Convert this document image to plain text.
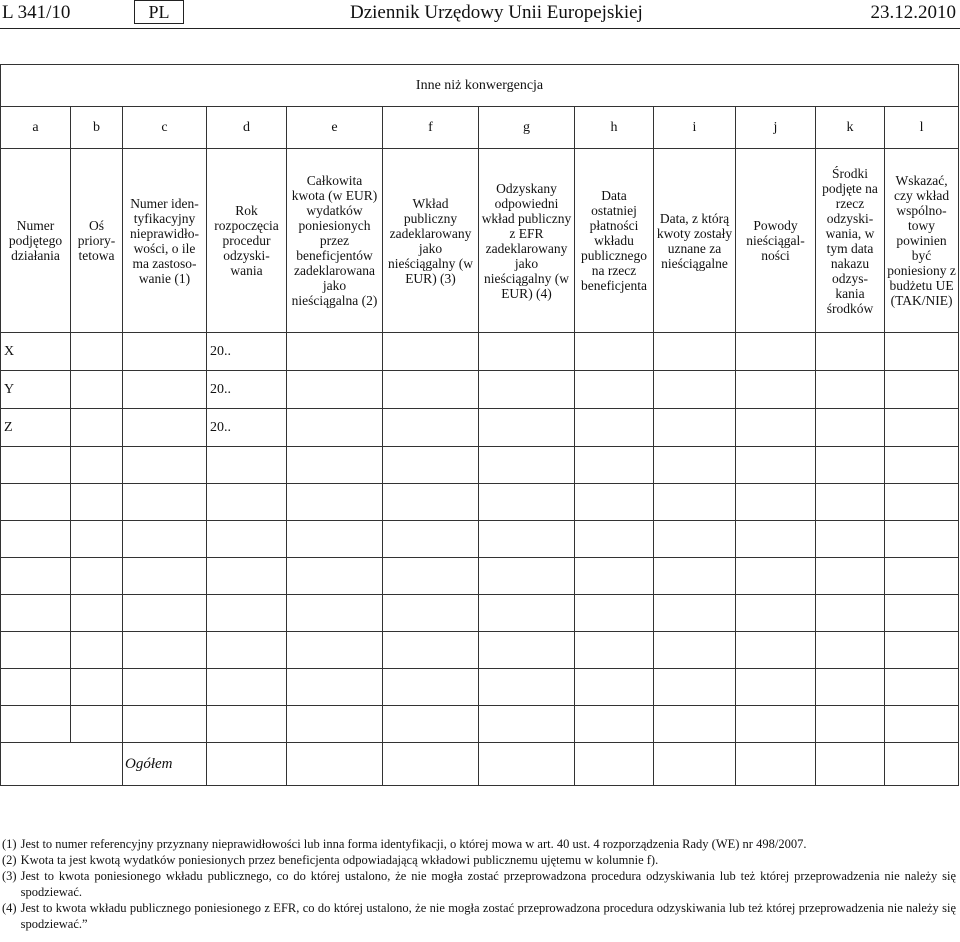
L 341/10	PL	Dziennik Urzędowy Unii Europejskiej	23.12.2010
Inne niż konwergencja											
a	b	c	d	e	f	g	h	i	j	k	l
Numer podjętego działania	Oś priory-tetowa	Numer iden-tyfikacyjny nieprawidło-wości, o ile ma zastoso-wanie (1)	Rok rozpoczęcia procedur odzyski-wania	Całkowita kwota (w EUR) wydatków poniesionych przez beneficjentów zadeklarowana jako nieściągalna (2)	Wkład publiczny zadeklarowany jako nieściągalny (w EUR) (3)	Odzyskany odpowiedni wkład publiczny z EFR zadeklarowany jako nieściągalny (w EUR) (4)	Data ostatniej płatności wkładu publicznego na rzecz beneficjenta	Data, z którą kwoty zostały uznane za nieściągalne	Powody nieściągal-ności	Środki podjęte na rzecz odzyski-wania, w tym data nakazu odzys-kania środków	Wskazać, czy wkład wspólno-towy powinien być poniesiony z budżetu UE (TAK/NIE)
X			20..								
Y			20..								
Z			20..								

		Ogółem									
(1) Jest to numer referencyjny przyznany nieprawidłowości lub inna forma identyfikacji, o której mowa w art. 40 ust. 4 rozporządzenia Rady (WE) nr 498/2007.
(2) Kwota ta jest kwotą wydatków poniesionych przez beneficjenta odpowiadającą wkładowi publicznemu ujętemu w kolumnie f).
(3) Jest to kwota poniesionego wkładu publicznego, co do której ustalono, że nie mogła zostać przeprowadzona procedura odzyskiwania lub też której przeprowadzenia nie należy się spodziewać.
(4) Jest to kwota wkładu publicznego poniesionego z EFR, co do której ustalono, że nie mogła zostać przeprowadzona procedura odzyskiwania lub też której przeprowadzenia nie należy się spodziewać.”
